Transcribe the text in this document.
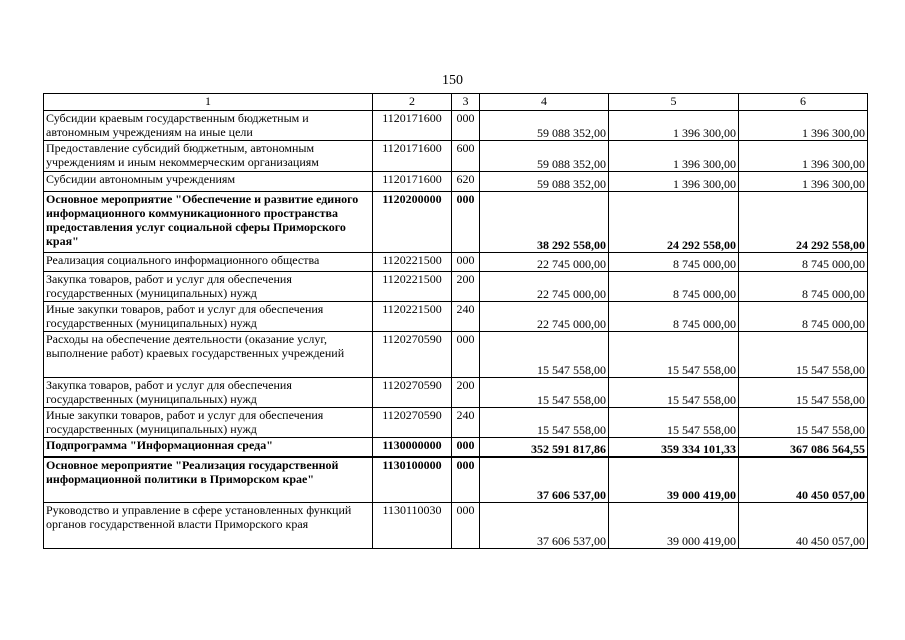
150
1	2	3	4	5	6
Субсидии краевым государственным бюджетным и автономным учреждениям на иные цели	1120171600	000	59 088 352,00	1 396 300,00	1 396 300,00
Предоставление субсидий бюджетным, автономным учреждениям и иным некоммерческим организациям	1120171600	600	59 088 352,00	1 396 300,00	1 396 300,00
Субсидии автономным учреждениям	1120171600	620	59 088 352,00	1 396 300,00	1 396 300,00
Основное мероприятие "Обеспечение и развитие единого информационного коммуникационного пространства предоставления услуг социальной сферы Приморского края"	1120200000	000	38 292 558,00	24 292 558,00	24 292 558,00
Реализация социального информационного общества	1120221500	000	22 745 000,00	8 745 000,00	8 745 000,00
Закупка товаров, работ и услуг для обеспечения государственных (муниципальных) нужд	1120221500	200	22 745 000,00	8 745 000,00	8 745 000,00
Иные закупки товаров, работ и услуг для обеспечения государственных (муниципальных) нужд	1120221500	240	22 745 000,00	8 745 000,00	8 745 000,00
Расходы на обеспечение деятельности (оказание услуг, выполнение работ) краевых государственных учреждений	1120270590	000	15 547 558,00	15 547 558,00	15 547 558,00
Закупка товаров, работ и услуг для обеспечения государственных (муниципальных) нужд	1120270590	200	15 547 558,00	15 547 558,00	15 547 558,00
Иные закупки товаров, работ и услуг для обеспечения государственных (муниципальных) нужд	1120270590	240	15 547 558,00	15 547 558,00	15 547 558,00
Подпрограмма "Информационная среда"	1130000000	000	352 591 817,86	359 334 101,33	367 086 564,55
Основное мероприятие "Реализация государственной информационной политики в Приморском крае"	1130100000	000	37 606 537,00	39 000 419,00	40 450 057,00
Руководство и управление в сфере установленных функций органов государственной власти Приморского края	1130110030	000	37 606 537,00	39 000 419,00	40 450 057,00
